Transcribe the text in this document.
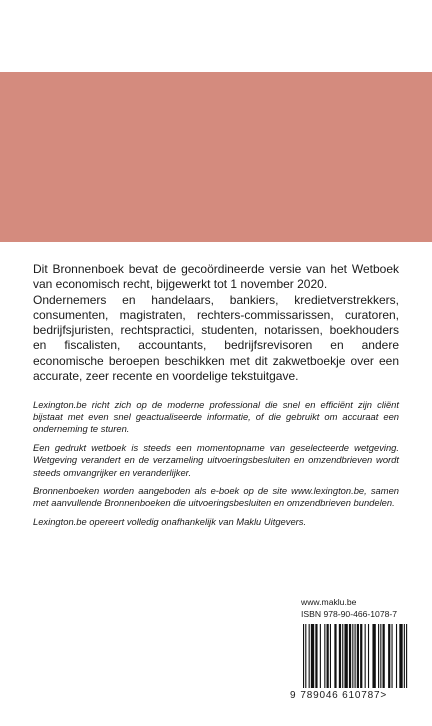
Dit Bronnenboek bevat de gecoördineerde versie van het Wetboek van economisch recht, bijgewerkt tot 1 november 2020.

Ondernemers en handelaars, bankiers, kredietverstrekkers, consumenten, magistraten, rechters-commissarissen, curatoren, bedrijfsjuristen, rechtspractici, studenten, notarissen, boekhouders en fiscalisten, accountants, bedrijfsrevisoren en andere economische beroepen beschikken met dit zakwetboekje over een accurate, zeer recente en voordelige tekstuitgave.

Lexington.be richt zich op de moderne professional die snel en efficiënt zijn cliënt bijstaat met even snel geactualiseerde informatie, of die gebruikt om accuraat een onderneming te sturen.

Een gedrukt wetboek is steeds een momentopname van geselecteerde wetgeving. Wetgeving verandert en de verzameling uitvoeringsbesluiten en omzendbrieven wordt steeds omvangrijker en veranderlijker.

Bronnenboeken worden aangeboden als e-boek op de site www.lexington.be, samen met aanvullende Bronnenboeken die uitvoeringsbesluiten en omzendbrieven bundelen.

Lexington.be opereert volledig onafhankelijk van Maklu Uitgevers.

www.maklu.be
ISBN 978-90-466-1078-7
9 789046 610787>
